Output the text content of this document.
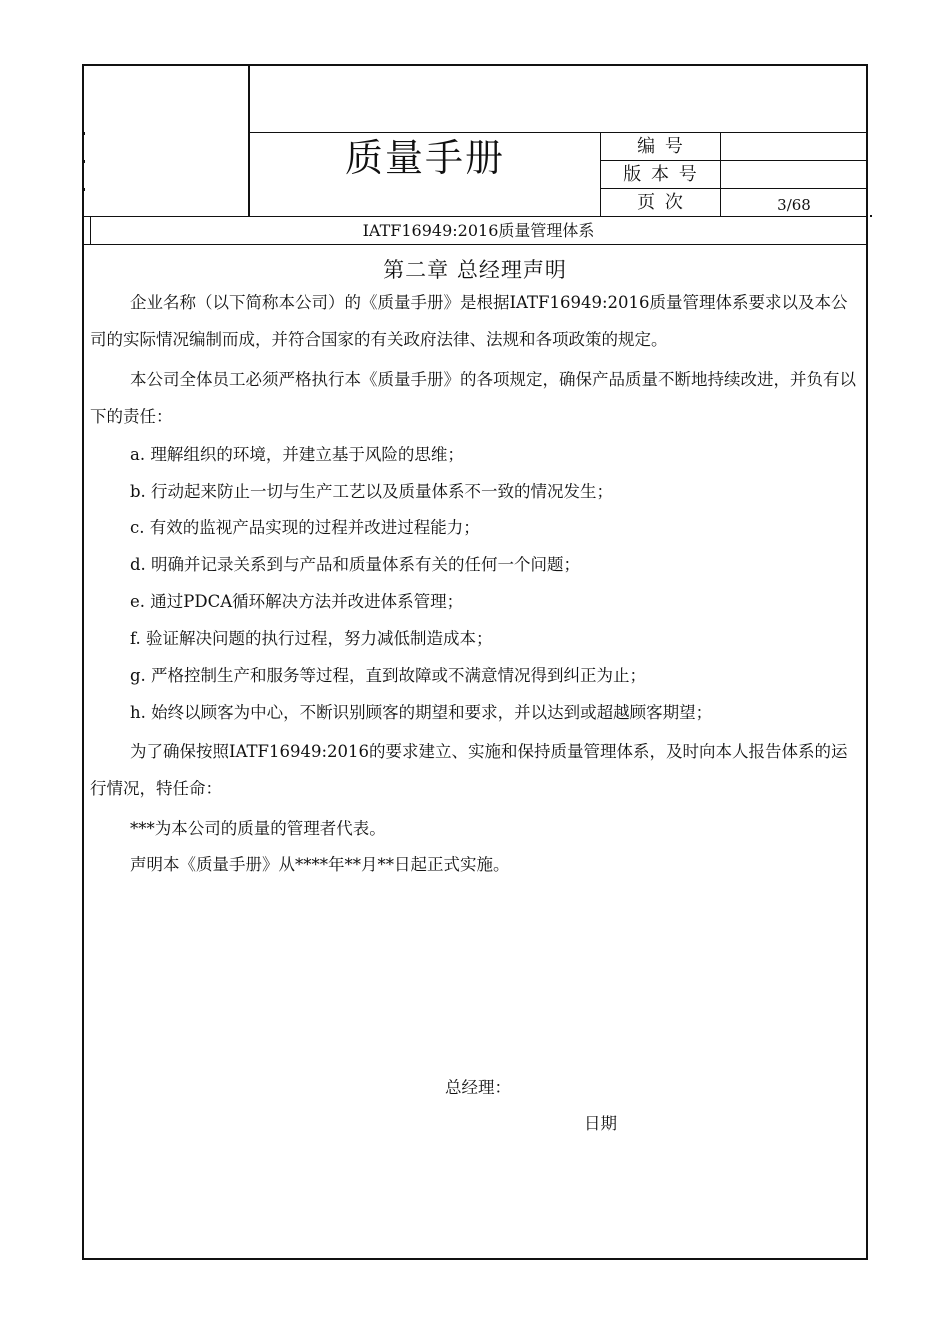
质量手册	编 号
版 本 号
页 次	3/68
IATF16949:2016质量管理体系
第二章 总经理声明

企业名称（以下简称本公司）的《质量手册》是根据IATF16949:2016质量管理体系要求以及本公司的实际情况编制而成，并符合国家的有关政府法律、法规和各项政策的规定。

本公司全体员工必须严格执行本《质量手册》的各项规定，确保产品质量不断地持续改进，并负有以下的责任：

a. 理解组织的环境，并建立基于风险的思维；
b. 行动起来防止一切与生产工艺以及质量体系不一致的情况发生；
c. 有效的监视产品实现的过程并改进过程能力；
d. 明确并记录关系到与产品和质量体系有关的任何一个问题；
e. 通过PDCA循环解决方法并改进体系管理；
f. 验证解决问题的执行过程，努力减低制造成本；
g. 严格控制生产和服务等过程，直到故障或不满意情况得到纠正为止；
h. 始终以顾客为中心，不断识别顾客的期望和要求，并以达到或超越顾客期望；

为了确保按照IATF16949:2016的要求建立、实施和保持质量管理体系，及时向本人报告体系的运行情况，特任命：

***为本公司的质量的管理者代表。

声明本《质量手册》从****年**月**日起正式实施。

总经理：
日期
